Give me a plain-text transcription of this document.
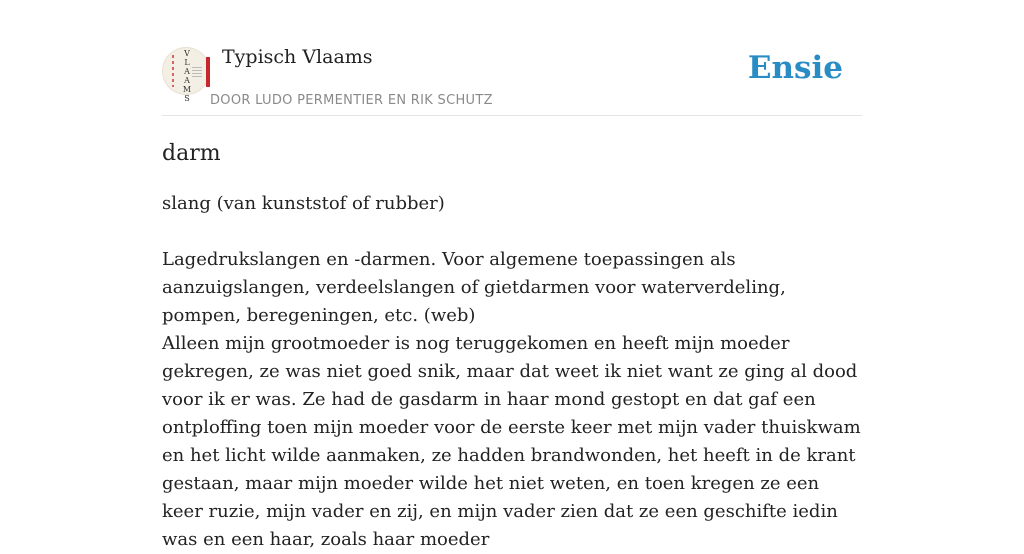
V
L
A
A
M
S
Typisch Vlaams
DOOR LUDO PERMENTIER EN RIK SCHUTZ
Ensie
darm

slang (van kunststof of rubber)

Lagedrukslangen en -darmen. Voor algemene toepassingen als aanzuigslangen, verdeelslangen of gietdarmen voor waterverdeling, pompen, beregeningen, etc. (web)

Alleen mijn grootmoeder is nog teruggekomen en heeft mijn moeder gekregen, ze was niet goed snik, maar dat weet ik niet want ze ging al dood voor ik er was. Ze had de gasdarm in haar mond gestopt en dat gaf een ontploffing toen mijn moeder voor de eerste keer met mijn vader thuiskwam en het licht wilde aanmaken, ze hadden brandwonden, het heeft in de krant gestaan, maar mijn moeder wilde het niet weten, en toen kregen ze een keer ruzie, mijn vader en zij, en mijn vader zien dat ze een geschifte iedin was en een haar, zoals haar moeder
